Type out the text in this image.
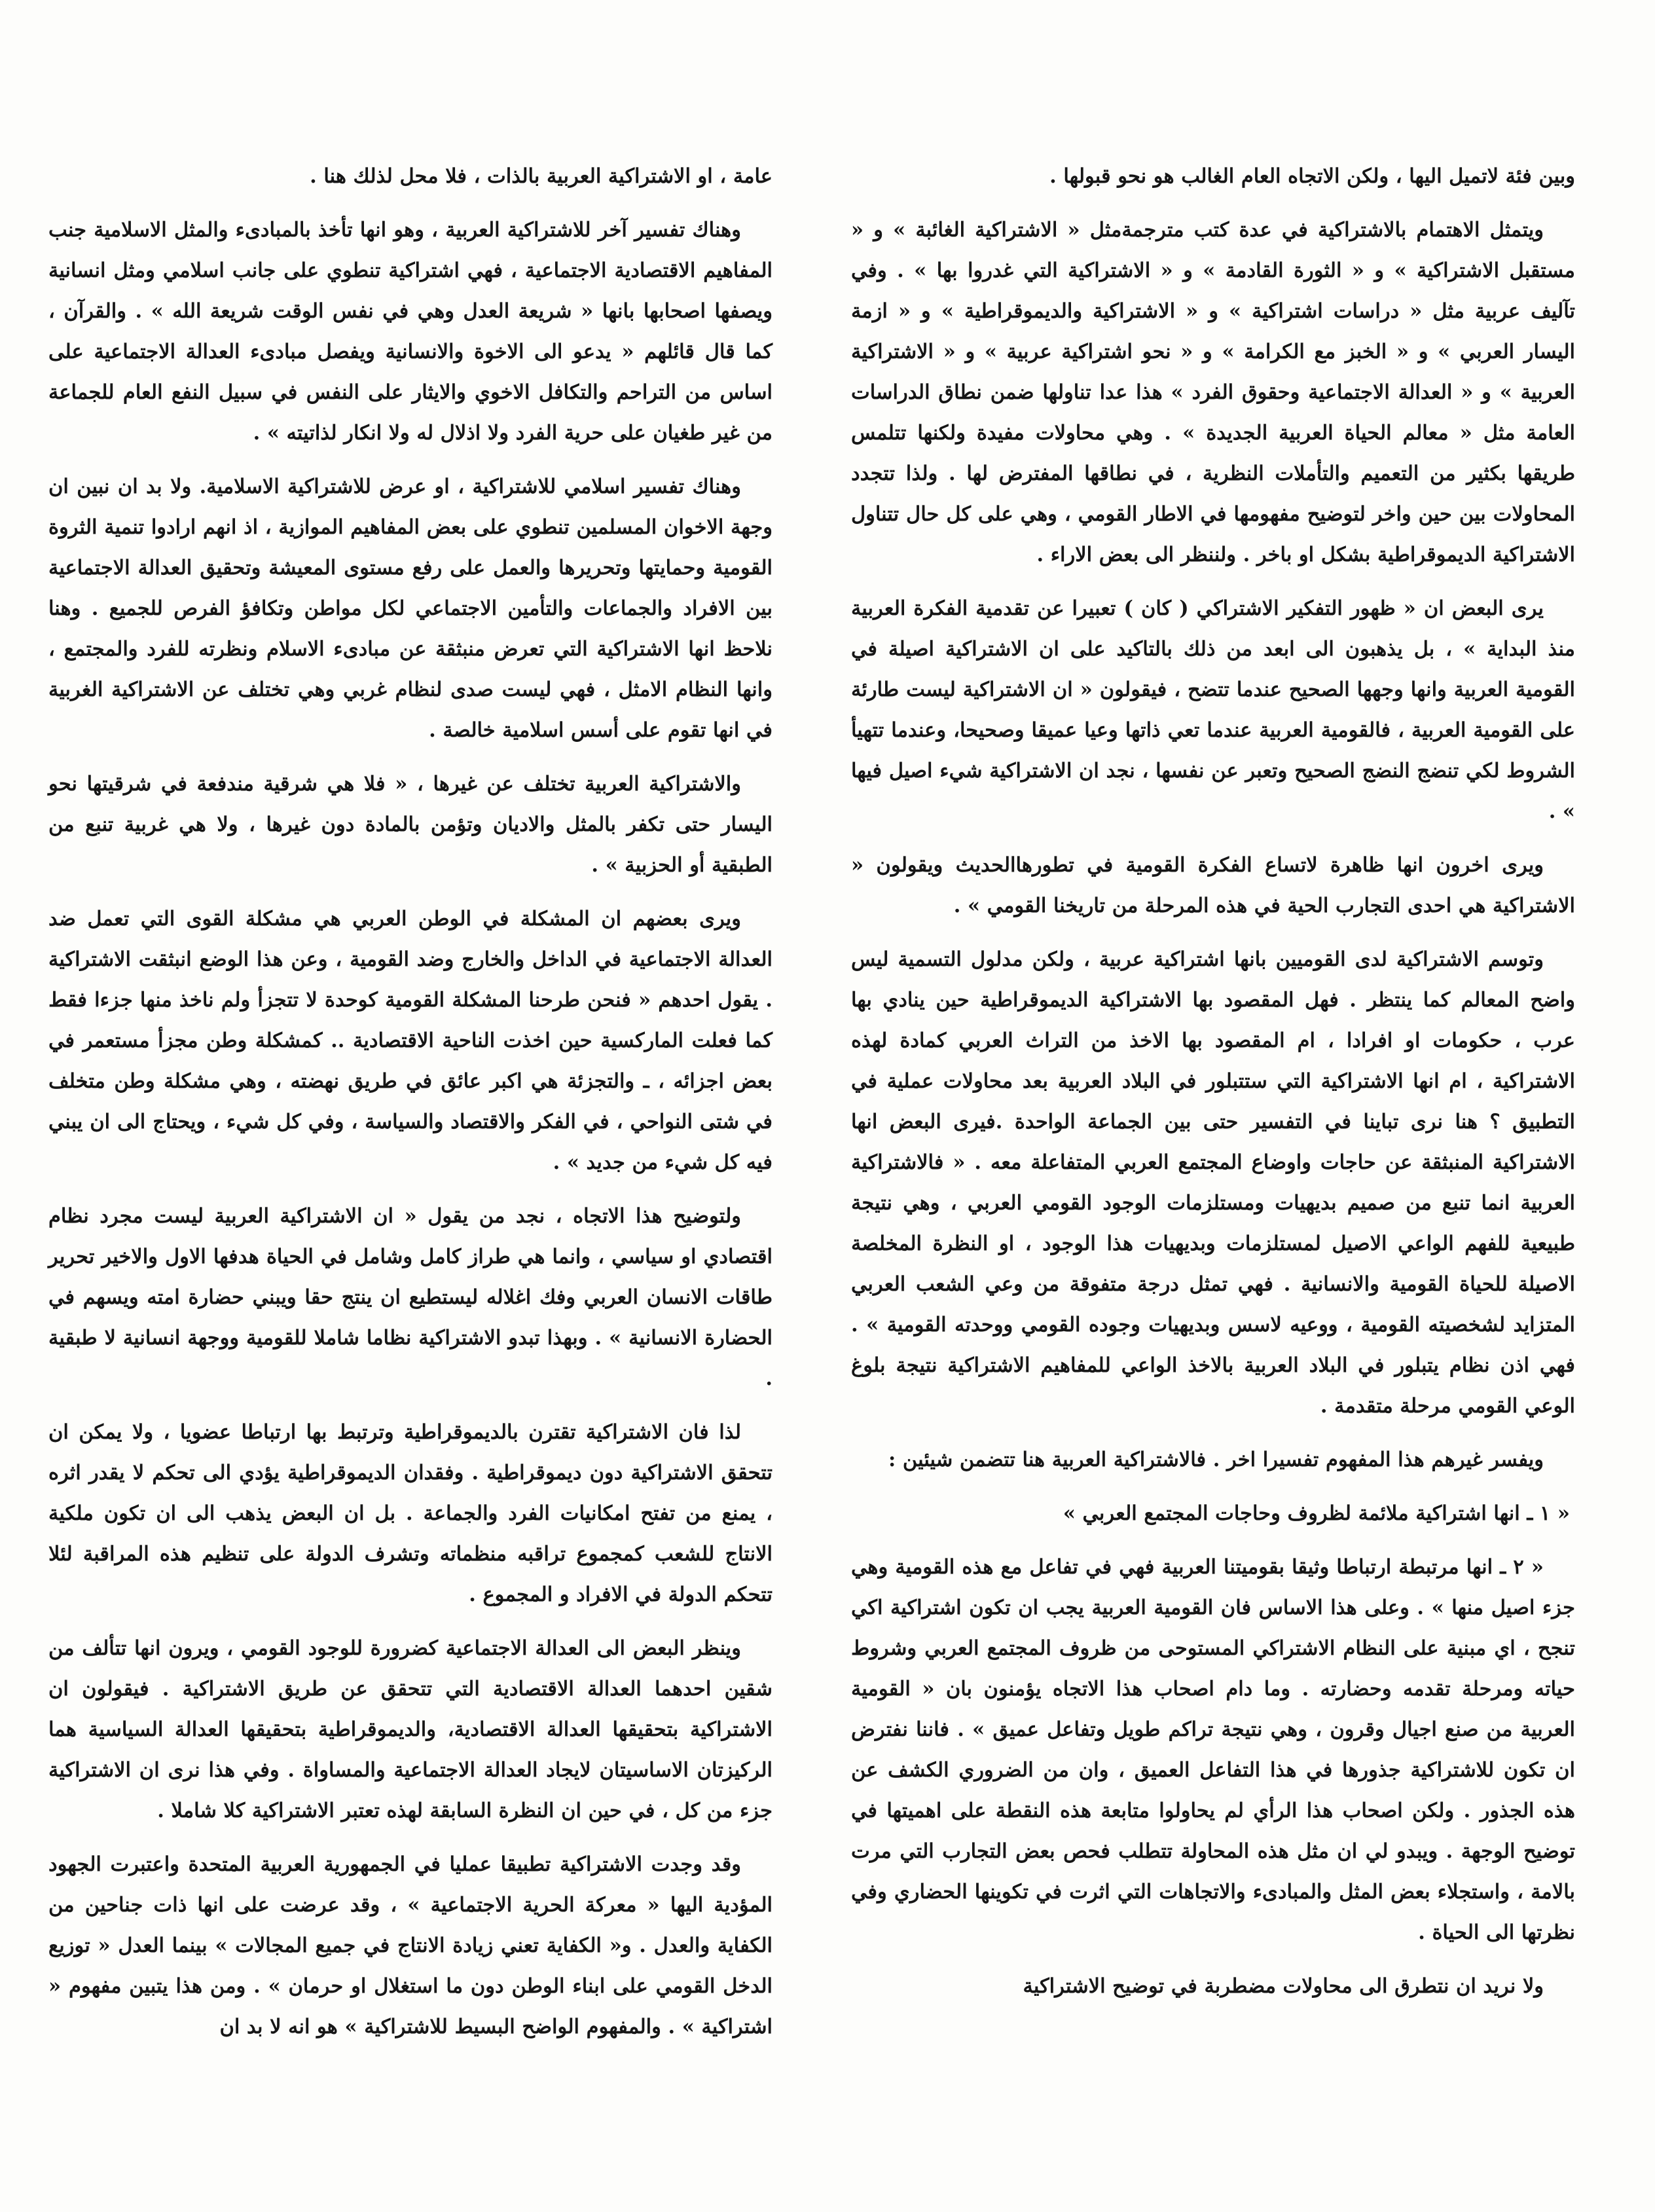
وبين فئة لاتميل اليها ، ولكن الاتجاه العام الغالب هو نحو قبولها .

ويتمثل الاهتمام بالاشتراكية في عدة كتب مترجمةمثل « الاشتراكية الغائبة » و « مستقبل الاشتراكية » و « الثورة القادمة » و « الاشتراكية التي غدروا بها » . وفي تآليف عربية مثل « دراسات اشتراكية » و « الاشتراكية والديموقراطية » و « ازمة اليسار العربي » و « الخبز مع الكرامة » و « نحو اشتراكية عربية » و « الاشتراكية العربية » و « العدالة الاجتماعية وحقوق الفرد » هذا عدا تناولها ضمن نطاق الدراسات العامة مثل « معالم الحياة العربية الجديدة » . وهي محاولات مفيدة ولكنها تتلمس طريقها بكثير من التعميم والتأملات النظرية ، في نطاقها المفترض لها . ولذا تتجدد المحاولات بين حين واخر لتوضيح مفهومها في الاطار القومي ، وهي على كل حال تتناول الاشتراكية الديموقراطية بشكل او باخر . ولننظر الى بعض الاراء .

يرى البعض ان « ظهور التفكير الاشتراكي ( كان ) تعبيرا عن تقدمية الفكرة العربية منذ البداية » ، بل يذهبون الى ابعد من ذلك بالتاكيد على ان الاشتراكية اصيلة في القومية العربية وانها وجهها الصحيح عندما تتضح ، فيقولون « ان الاشتراكية ليست طارئة على القومية العربية ، فالقومية العربية عندما تعي ذاتها وعيا عميقا وصحيحا، وعندما تتهيأ الشروط لكي تنضج النضج الصحيح وتعبر عن نفسها ، نجد ان الاشتراكية شيء اصيل فيها » .

ويرى اخرون انها ظاهرة لاتساع الفكرة القومية في تطورهاالحديث ويقولون « الاشتراكية هي احدى التجارب الحية في هذه المرحلة من تاريخنا القومي » .

وتوسم الاشتراكية لدى القوميين بانها اشتراكية عربية ، ولكن مدلول التسمية ليس واضح المعالم كما ينتظر . فهل المقصود بها الاشتراكية الديموقراطية حين ينادي بها عرب ، حكومات او افرادا ، ام المقصود بها الاخذ من التراث العربي كمادة لهذه الاشتراكية ، ام انها الاشتراكية التي ستتبلور في البلاد العربية بعد محاولات عملية في التطبيق ؟ هنا نرى تباينا في التفسير حتى بين الجماعة الواحدة .فيرى البعض انها الاشتراكية المنبثقة عن حاجات واوضاع المجتمع العربي المتفاعلة معه . « فالاشتراكية العربية انما تنبع من صميم بديهيات ومستلزمات الوجود القومي العربي ، وهي نتيجة طبيعية للفهم الواعي الاصيل لمستلزمات وبديهيات هذا الوجود ، او النظرة المخلصة الاصيلة للحياة القومية والانسانية . فهي تمثل درجة متفوقة من وعي الشعب العربي المتزايد لشخصيته القومية ، ووعيه لاسس وبديهيات وجوده القومي ووحدته القومية » . فهي اذن نظام يتبلور في البلاد العربية بالاخذ الواعي للمفاهيم الاشتراكية نتيجة بلوغ الوعي القومي مرحلة متقدمة .

ويفسر غيرهم هذا المفهوم تفسيرا اخر . فالاشتراكية العربية هنا تتضمن شيئين :

« ١ ـ انها اشتراكية ملائمة لظروف وحاجات المجتمع العربي »

« ٢ ـ انها مرتبطة ارتباطا وثيقا بقوميتنا العربية فهي في تفاعل مع هذه القومية وهي جزء اصيل منها » . وعلى هذا الاساس فان القومية العربية يجب ان تكون اشتراكية اكي تنجح ، اي مبنية على النظام الاشتراكي المستوحى من ظروف المجتمع العربي وشروط حياته ومرحلة تقدمه وحضارته . وما دام اصحاب هذا الاتجاه يؤمنون بان « القومية العربية من صنع اجيال وقرون ، وهي نتيجة تراكم طويل وتفاعل عميق » . فاننا نفترض ان تكون للاشتراكية جذورها في هذا التفاعل العميق ، وان من الضروري الكشف عن هذه الجذور . ولكن اصحاب هذا الرأي لم يحاولوا متابعة هذه النقطة على اهميتها في توضيح الوجهة . ويبدو لي ان مثل هذه المحاولة تتطلب فحص بعض التجارب التي مرت بالامة ، واستجلاء بعض المثل والمبادىء والاتجاهات التي اثرت في تكوينها الحضاري وفي نظرتها الى الحياة .

ولا نريد ان نتطرق الى محاولات مضطربة في توضيح الاشتراكية

عامة ، او الاشتراكية العربية بالذات ، فلا محل لذلك هنا .

وهناك تفسير آخر للاشتراكية العربية ، وهو انها تأخذ بالمبادىء والمثل الاسلامية جنب المفاهيم الاقتصادية الاجتماعية ، فهي اشتراكية تنطوي على جانب اسلامي ومثل انسانية ويصفها اصحابها بانها « شريعة العدل وهي في نفس الوقت شريعة الله » . والقرآن ، كما قال قائلهم « يدعو الى الاخوة والانسانية ويفصل مبادىء العدالة الاجتماعية على اساس من التراحم والتكافل الاخوي والايثار على النفس في سبيل النفع العام للجماعة من غير طغيان على حرية الفرد ولا اذلال له ولا انكار لذاتيته » .

وهناك تفسير اسلامي للاشتراكية ، او عرض للاشتراكية الاسلامية. ولا بد ان نبين ان وجهة الاخوان المسلمين تنطوي على بعض المفاهيم الموازية ، اذ انهم ارادوا تنمية الثروة القومية وحمايتها وتحريرها والعمل على رفع مستوى المعيشة وتحقيق العدالة الاجتماعية بين الافراد والجماعات والتأمين الاجتماعي لكل مواطن وتكافؤ الفرص للجميع . وهنا نلاحظ انها الاشتراكية التي تعرض منبثقة عن مبادىء الاسلام ونظرته للفرد والمجتمع ، وانها النظام الامثل ، فهي ليست صدى لنظام غربي وهي تختلف عن الاشتراكية الغربية في انها تقوم على أسس اسلامية خالصة .

والاشتراكية العربية تختلف عن غيرها ، « فلا هي شرقية مندفعة في شرقيتها نحو اليسار حتى تكفر بالمثل والاديان وتؤمن بالمادة دون غيرها ، ولا هي غربية تنبع من الطبقية أو الحزبية » .

ويرى بعضهم ان المشكلة في الوطن العربي هي مشكلة القوى التي تعمل ضد العدالة الاجتماعية في الداخل والخارج وضد القومية ، وعن هذا الوضع انبثقت الاشتراكية . يقول احدهم « فنحن طرحنا المشكلة القومية كوحدة لا تتجزأ ولم ناخذ منها جزءا فقط كما فعلت الماركسية حين اخذت الناحية الاقتصادية .. كمشكلة وطن مجزأ مستعمر في بعض اجزائه ، ـ والتجزئة هي اكبر عائق في طريق نهضته ، وهي مشكلة وطن متخلف في شتى النواحي ، في الفكر والاقتصاد والسياسة ، وفي كل شيء ، ويحتاج الى ان يبني فيه كل شيء من جديد » .

ولتوضيح هذا الاتجاه ، نجد من يقول « ان الاشتراكية العربية ليست مجرد نظام اقتصادي او سياسي ، وانما هي طراز كامل وشامل في الحياة هدفها الاول والاخير تحرير طاقات الانسان العربي وفك اغلاله ليستطيع ان ينتج حقا ويبني حضارة امته ويسهم في الحضارة الانسانية » . وبهذا تبدو الاشتراكية نظاما شاملا للقومية ووجهة انسانية لا طبقية .

لذا فان الاشتراكية تقترن بالديموقراطية وترتبط بها ارتباطا عضويا ، ولا يمكن ان تتحقق الاشتراكية دون ديموقراطية . وفقدان الديموقراطية يؤدي الى تحكم لا يقدر اثره ، يمنع من تفتح امكانيات الفرد والجماعة . بل ان البعض يذهب الى ان تكون ملكية الانتاج للشعب كمجموع تراقبه منظماته وتشرف الدولة على تنظيم هذه المراقبة لئلا تتحكم الدولة في الافراد و المجموع .

وينظر البعض الى العدالة الاجتماعية كضرورة للوجود القومي ، ويرون انها تتألف من شقين احدهما العدالة الاقتصادية التي تتحقق عن طريق الاشتراكية . فيقولون ان الاشتراكية بتحقيقها العدالة الاقتصادية، والديموقراطية بتحقيقها العدالة السياسية هما الركيزتان الاساسيتان لايجاد العدالة الاجتماعية والمساواة . وفي هذا نرى ان الاشتراكية جزء من كل ، في حين ان النظرة السابقة لهذه تعتبر الاشتراكية كلا شاملا .

وقد وجدت الاشتراكية تطبيقا عمليا في الجمهورية العربية المتحدة واعتبرت الجهود المؤدية اليها « معركة الحرية الاجتماعية » ، وقد عرضت على انها ذات جناحين من الكفاية والعدل . و« الكفاية تعني زيادة الانتاج في جميع المجالات » بينما العدل « توزيع الدخل القومي على ابناء الوطن دون ما استغلال او حرمان » . ومن هذا يتبين مفهوم « اشتراكية » . والمفهوم الواضح البسيط للاشتراكية » هو انه لا بد ان
